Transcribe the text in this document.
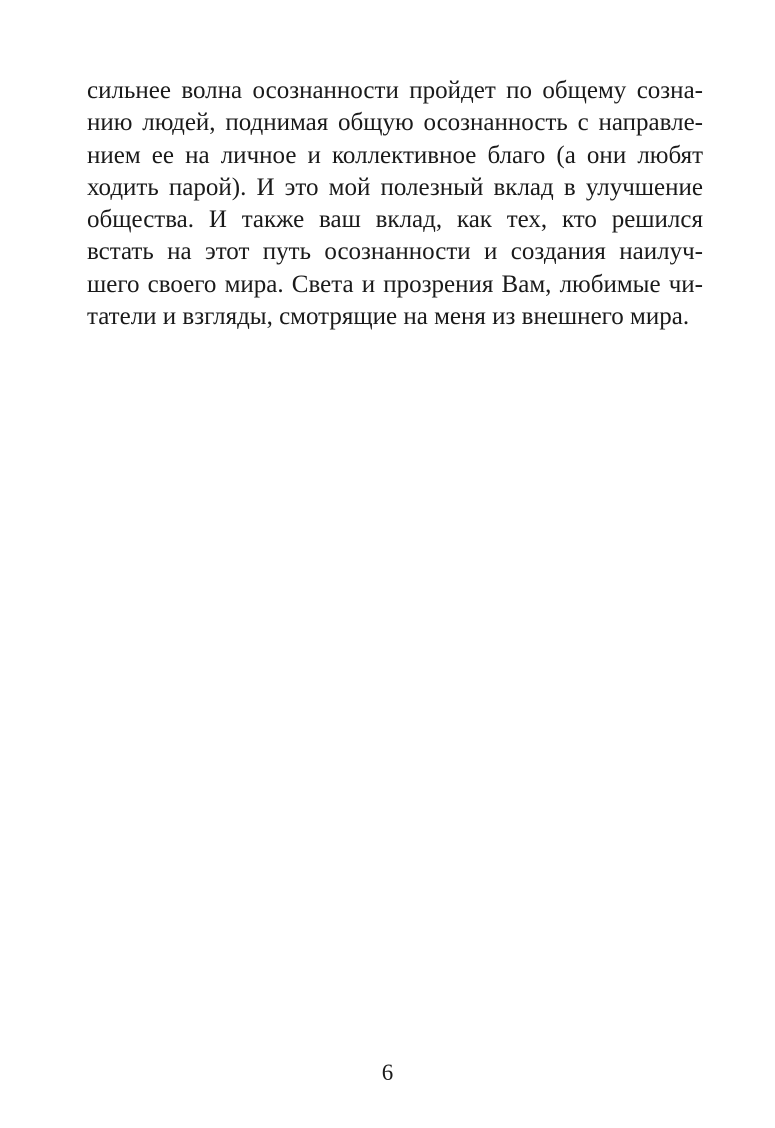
сильнее волна осознанности пройдет по общему созна-
нию людей, поднимая общую осознанность с направле-
нием ее на личное и коллективное благо (а они любят
ходить парой). И это мой полезный вклад в улучшение
общества. И также ваш вклад, как тех, кто решился
встать на этот путь осознанности и создания наилуч-
шего своего мира. Света и прозрения Вам, любимые чи-
татели и взгляды, смотрящие на меня из внешнего мира.
6
